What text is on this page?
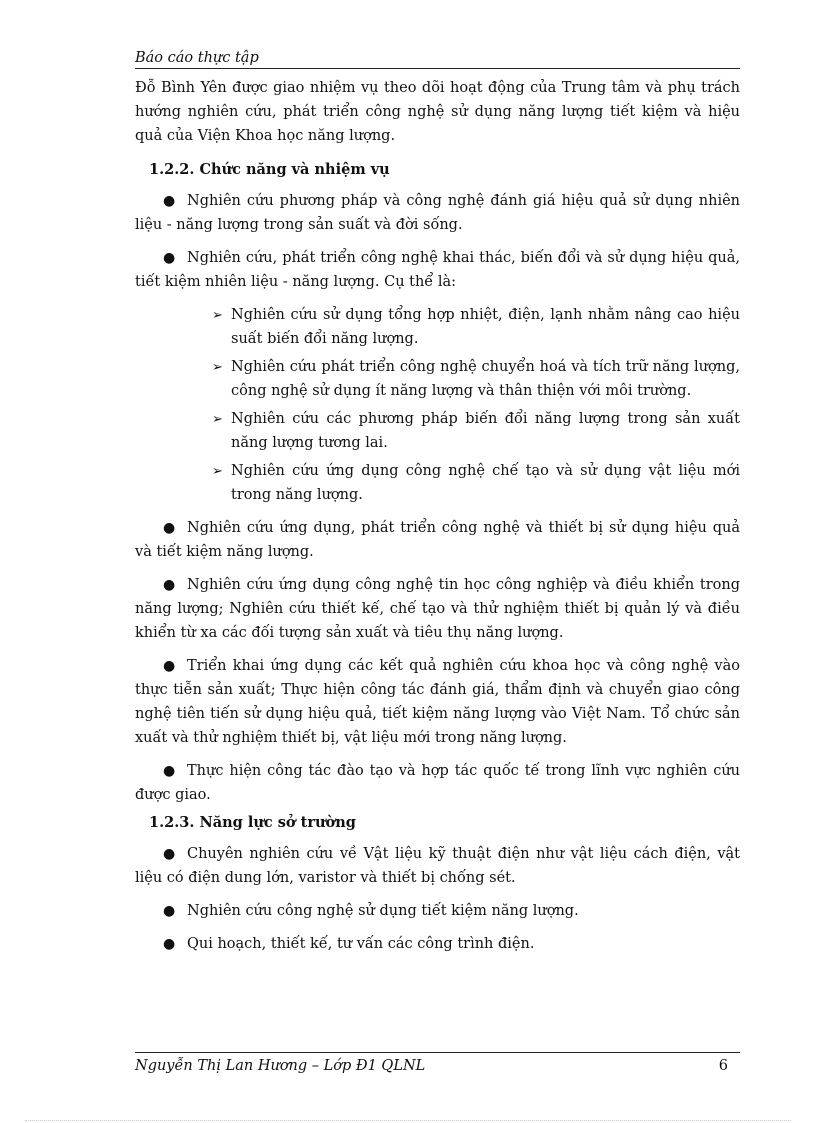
Báo cáo thực tập

Đỗ Bình Yên được giao nhiệm vụ theo dõi hoạt động của Trung tâm và phụ trách hướng nghiên cứu, phát triển công nghệ sử dụng năng lượng tiết kiệm và hiệu quả của Viện Khoa học năng lượng.

1.2.2. Chức năng và nhiệm vụ

● Nghiên cứu phương pháp và công nghệ đánh giá hiệu quả sử dụng nhiên liệu - năng lượng trong sản suất và đời sống.

● Nghiên cứu, phát triển công nghệ khai thác, biến đổi và sử dụng hiệu quả, tiết kiệm nhiên liệu - năng lượng. Cụ thể là:

➢ Nghiên cứu sử dụng tổng hợp nhiệt, điện, lạnh nhằm nâng cao hiệu suất biến đổi năng lượng.

➢ Nghiên cứu phát triển công nghệ chuyển hoá và tích trữ năng lượng, công nghệ sử dụng ít năng lượng và thân thiện với môi trường.

➢ Nghiên cứu các phương pháp biến đổi năng lượng trong sản xuất năng lượng tương lai.

➢ Nghiên cứu ứng dụng công nghệ chế tạo và sử dụng vật liệu mới trong năng lượng.

● Nghiên cứu ứng dụng, phát triển công nghệ và thiết bị sử dụng hiệu quả và tiết kiệm năng lượng.

● Nghiên cứu ứng dụng công nghệ tin học công nghiệp và điều khiển trong năng lượng; Nghiên cứu thiết kế, chế tạo và thử nghiệm thiết bị quản lý và điều khiển từ xa các đối tượng sản xuất và tiêu thụ năng lượng.

● Triển khai ứng dụng các kết quả nghiên cứu khoa học và công nghệ vào thực tiễn sản xuất; Thực hiện công tác đánh giá, thẩm định và chuyển giao công nghệ tiên tiến sử dụng hiệu quả, tiết kiệm năng lượng vào Việt Nam. Tổ chức sản xuất và thử nghiệm thiết bị, vật liệu mới trong năng lượng.

● Thực hiện công tác đào tạo và hợp tác quốc tế trong lĩnh vực nghiên cứu được giao.

1.2.3. Năng lực sở trường

● Chuyên nghiên cứu về Vật liệu kỹ thuật điện như vật liệu cách điện, vật liệu có điện dung lớn, varistor và thiết bị chống sét.

● Nghiên cứu công nghệ sử dụng tiết kiệm năng lượng.

● Qui hoạch, thiết kế, tư vấn các công trình điện.

Nguyễn Thị Lan Hương – Lớp Đ1 QLNL	6
